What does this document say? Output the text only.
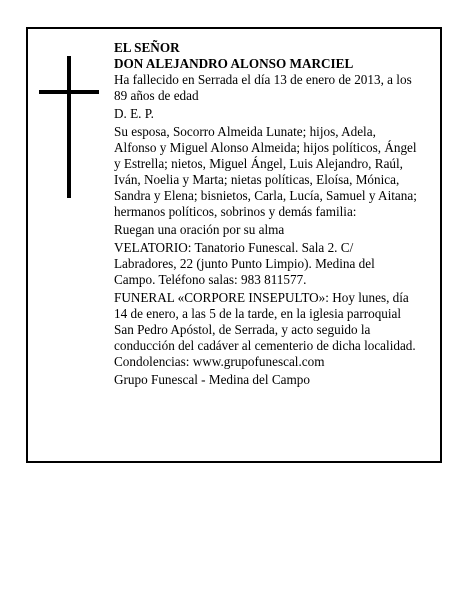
EL SEÑOR

DON ALEJANDRO ALONSO MARCIEL

Ha fallecido en Serrada el día 13 de enero de 2013, a los 89 años de edad

D. E. P.

Su esposa, Socorro Almeida Lunate; hijos, Adela, Alfonso y Miguel Alonso Almeida; hijos políticos, Ángel y Estrella; nietos, Miguel Ángel, Luis Alejandro, Raúl, Iván, Noelia y Marta; nietas políticas, Eloísa, Mónica, Sandra y Elena; bisnietos, Carla, Lucía, Samuel y Aitana; hermanos políticos, sobrinos y demás familia:

Ruegan una oración por su alma

VELATORIO: Tanatorio Funescal. Sala 2. C/ Labradores, 22 (junto Punto Limpio). Medina del Campo. Teléfono salas: 983 811577.

FUNERAL «CORPORE INSEPULTO»: Hoy lunes, día 14 de enero, a las 5 de la tarde, en la iglesia parroquial San Pedro Apóstol, de Serrada, y acto seguido la conducción del cadáver al cementerio de dicha localidad. Condolencias: www.grupofunescal.com

Grupo Funescal - Medina del Campo
